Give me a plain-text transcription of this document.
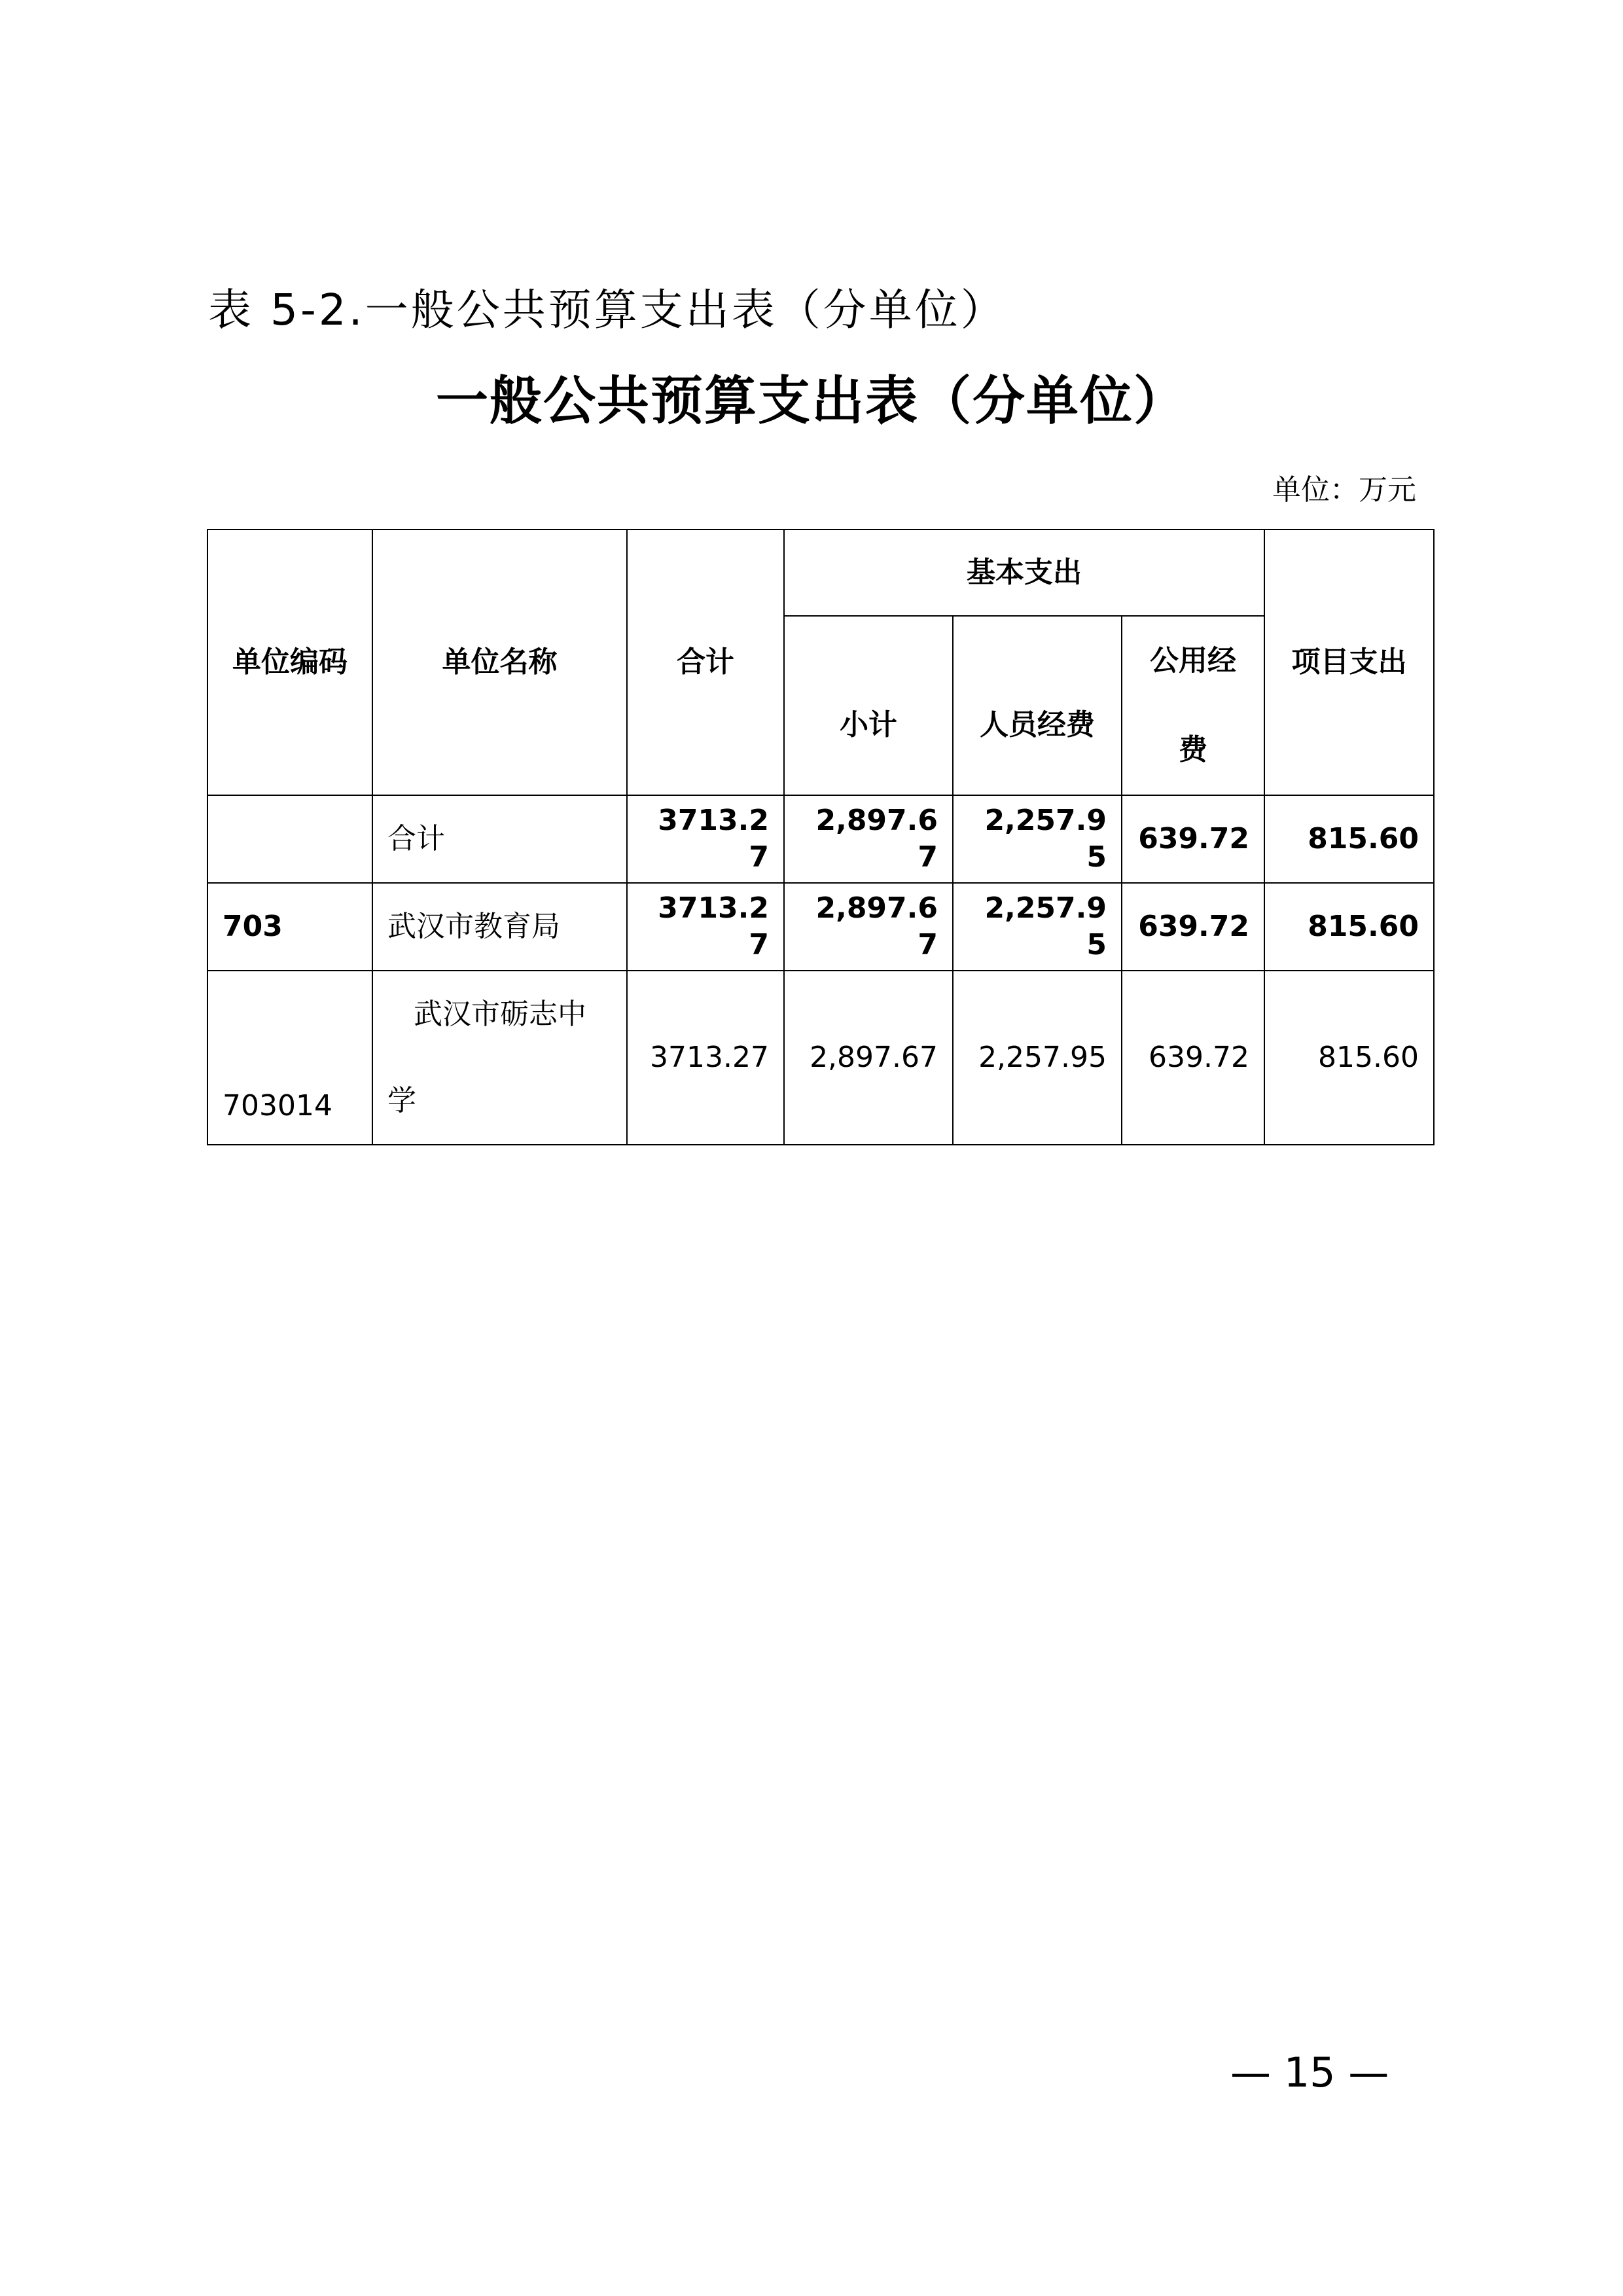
表 5-2.一般公共预算支出表（分单位）
一般公共预算支出表（分单位）
单位：万元
单位编码	单位名称	合计	基本支出			项目支出
			小计	人员经费	公用经
费	
	合计	3713.27	2,897.67	2,257.95	639.72	815.60
703	武汉市教育局	3713.27	2,897.67	2,257.95	639.72	815.60
703014	武汉市砺志中
学	3713.27	2,897.67	2,257.95	639.72	815.60
— 15 —
